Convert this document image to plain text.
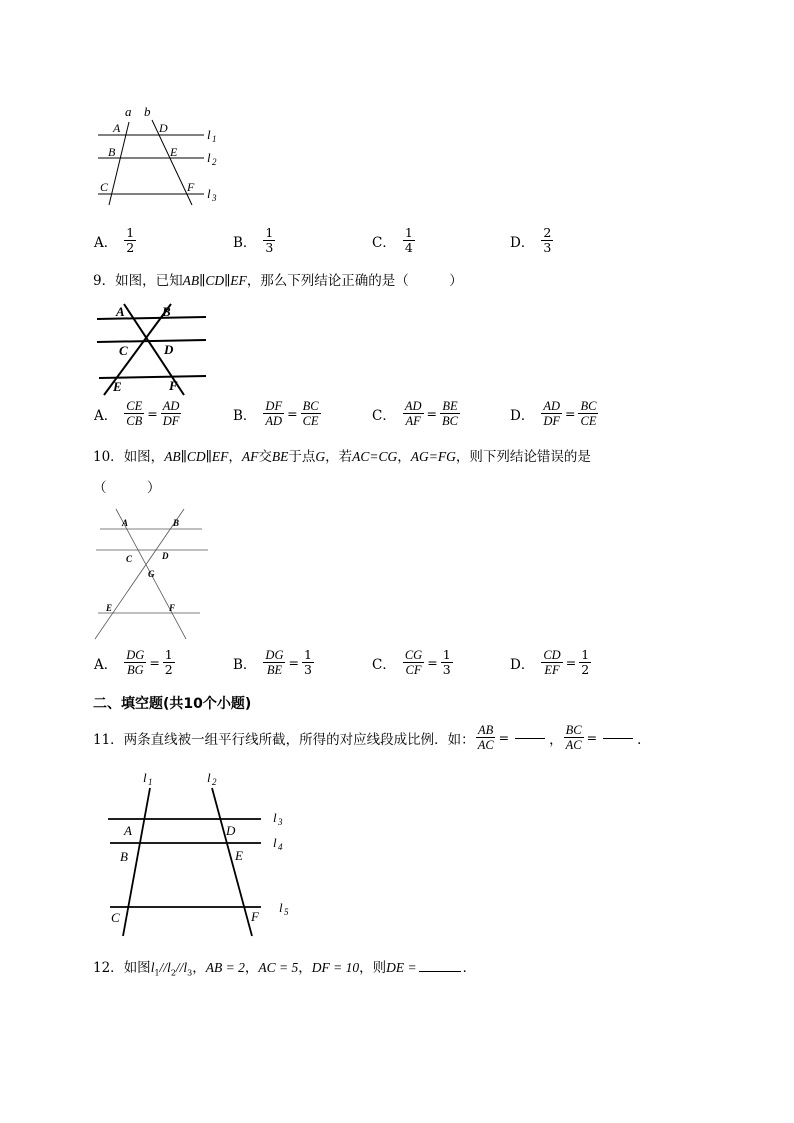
a b
A	D
B	E
C	F
l 1
l 2
l 3
A． $\frac{1}{2}$	B． $\frac{1}{3}$	C． $\frac{1}{4}$	D． $\frac{2}{3}$
9．如图，已知AB∥CD∥EF，那么下列结论正确的是（　　　）
A	B
C	D
E	F
A． $\frac{CE}{CB} = \frac{AD}{DF}$	B． $\frac{DF}{AD} = \frac{BC}{CE}$	C． $\frac{AD}{AF} = \frac{BE}{BC}$	D． $\frac{AD}{DF} = \frac{BC}{CE}$
10．如图，AB∥CD∥EF，AF交BE于点G，若AC=CG，AG=FG，则下列结论错误的是
（　　　）
A	B
C	D
G
E	F
A． $\frac{DG}{BG} = \frac{1}{2}$	B． $\frac{DG}{BE} = \frac{1}{3}$	C． $\frac{CG}{CF} = \frac{1}{3}$	D． $\frac{CD}{EF} = \frac{1}{2}$
二、填空题(共10个小题)
11． 两条直线被一组平行线所截，所得的对应线段成比例．如： $\frac{AB}{AC}$ =	， $\frac{BC}{AC}$ =	．
l 1	l 2
l 3
l 4
l 5
A	D
B	E
C	F
12．如图$l_1//l_2//l_3$，AB = 2，AC = 5，DF = 10，则DE =	．
